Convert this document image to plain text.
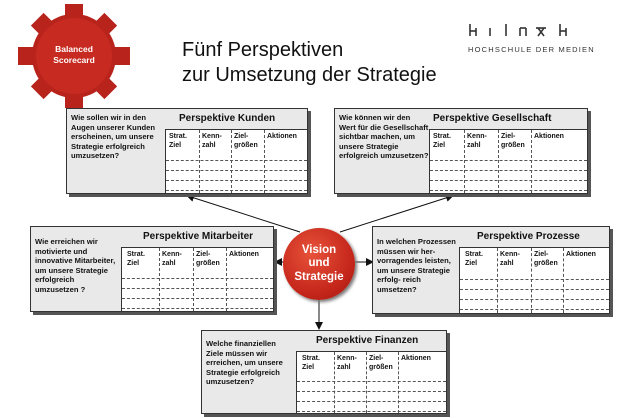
Balanced
Scorecard	Fünf Perspektiven
zur Umsetzung der Strategie
HOCHSCHULE DER MEDIEN
Wie sollen wir in den Augen unserer Kunden erscheinen, um unsere Strategie erfolgreich umzusetzen?
Perspektive Kunden
Strat. Ziel
Kenn- zahl
Ziel- größen
Aktionen
Wie können wir den Wert für die Gesellschaft sichtbar machen, um unsere Strategie erfolgreich umzusetzen?
Perspektive Gesellschaft
Strat. Ziel
Kenn- zahl
Ziel- größen
Aktionen
Wie erreichen wir motivierte und innovative Mitarbeiter, um unsere Strategie erfolgreich umzusetzen ?
Perspektive Mitarbeiter
Strat. Ziel
Kenn- zahl
Ziel- größen
Aktionen
In welchen Prozessen müssen wir her- vorragendes leisten, um unsere Strategie erfolg- reich umsetzen?
Perspektive Prozesse
Strat. Ziel
Kenn- zahl
Ziel- größen
Aktionen
Welche finanziellen Ziele müssen wir erreichen, um unsere Strategie erfolgreich umzusetzen?
Perspektive Finanzen
Strat. Ziel
Kenn- zahl
Ziel- größen
Aktionen
Vision
und
Strategie
